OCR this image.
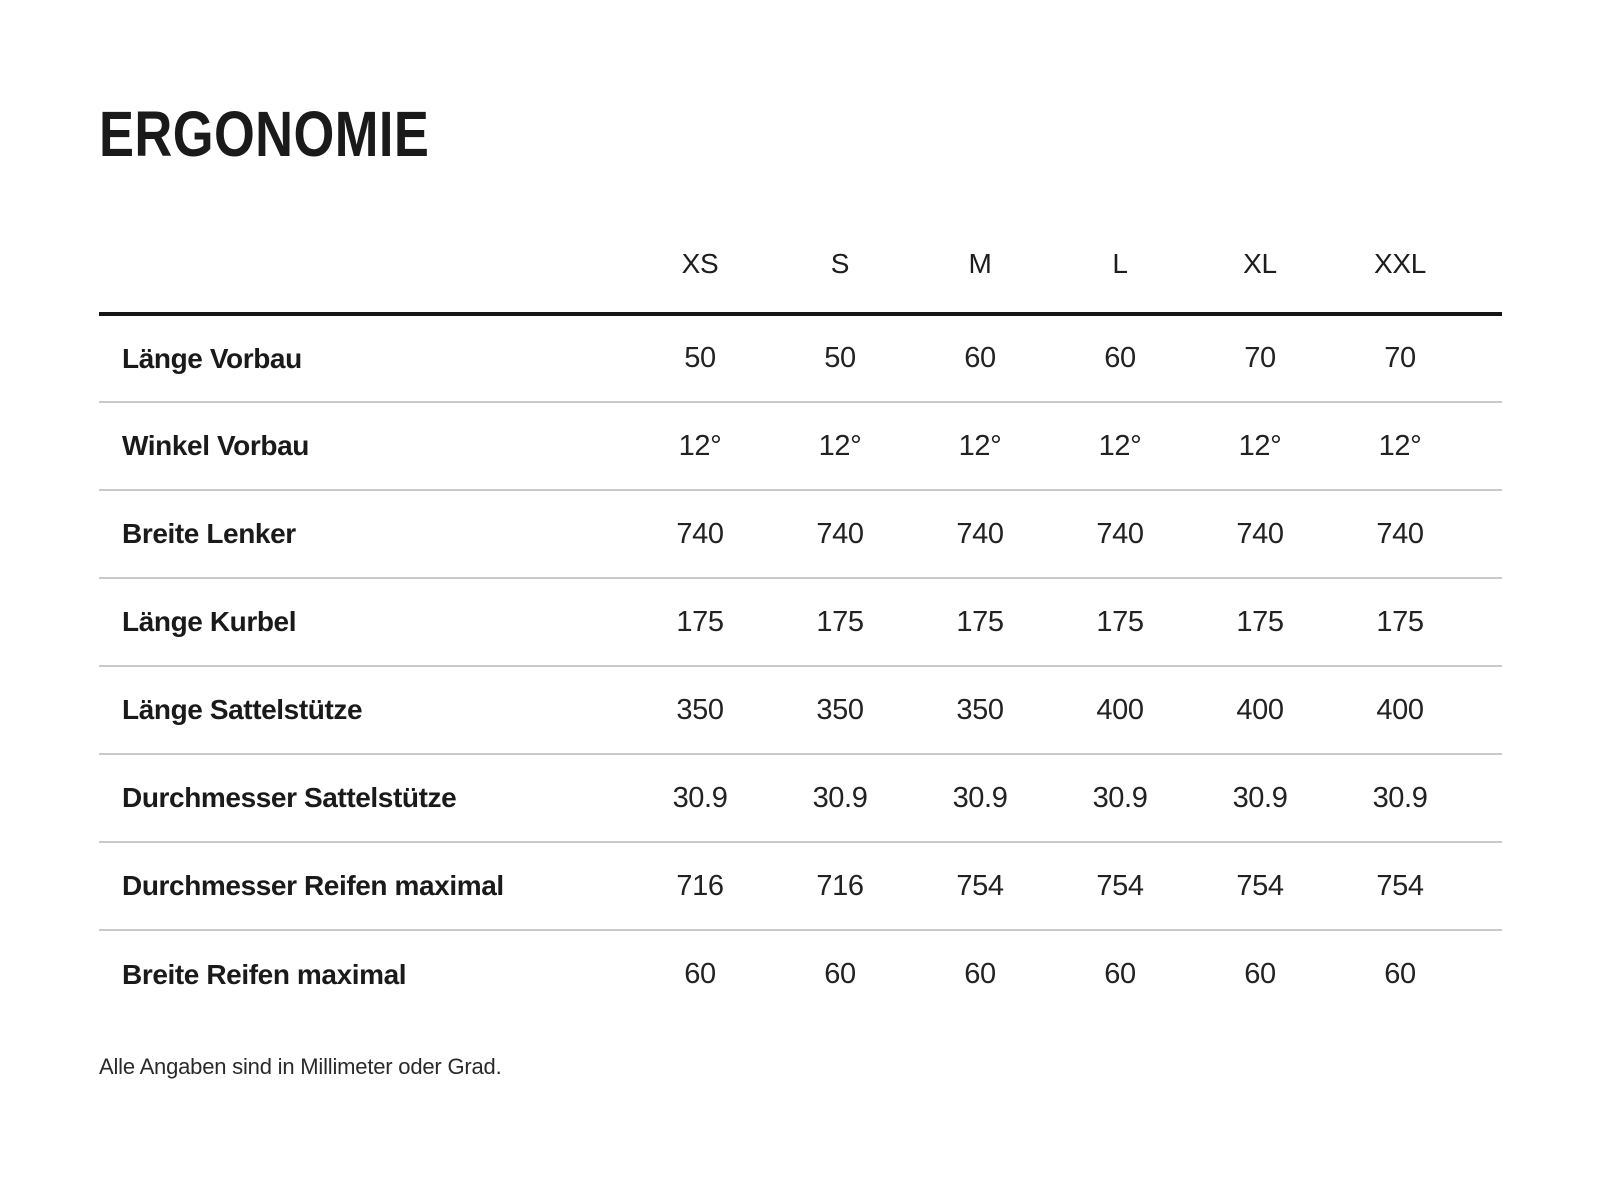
ERGONOMIE
	XS	S	M	L	XL	XXL	
Länge Vorbau	50	50	60	60	70	70	
Winkel Vorbau	12°	12°	12°	12°	12°	12°	
Breite Lenker	740	740	740	740	740	740	
Länge Kurbel	175	175	175	175	175	175	
Länge Sattelstütze	350	350	350	400	400	400	
Durchmesser Sattelstütze	30.9	30.9	30.9	30.9	30.9	30.9	
Durchmesser Reifen maximal	716	716	754	754	754	754	
Breite Reifen maximal	60	60	60	60	60	60	

Alle Angaben sind in Millimeter oder Grad.
